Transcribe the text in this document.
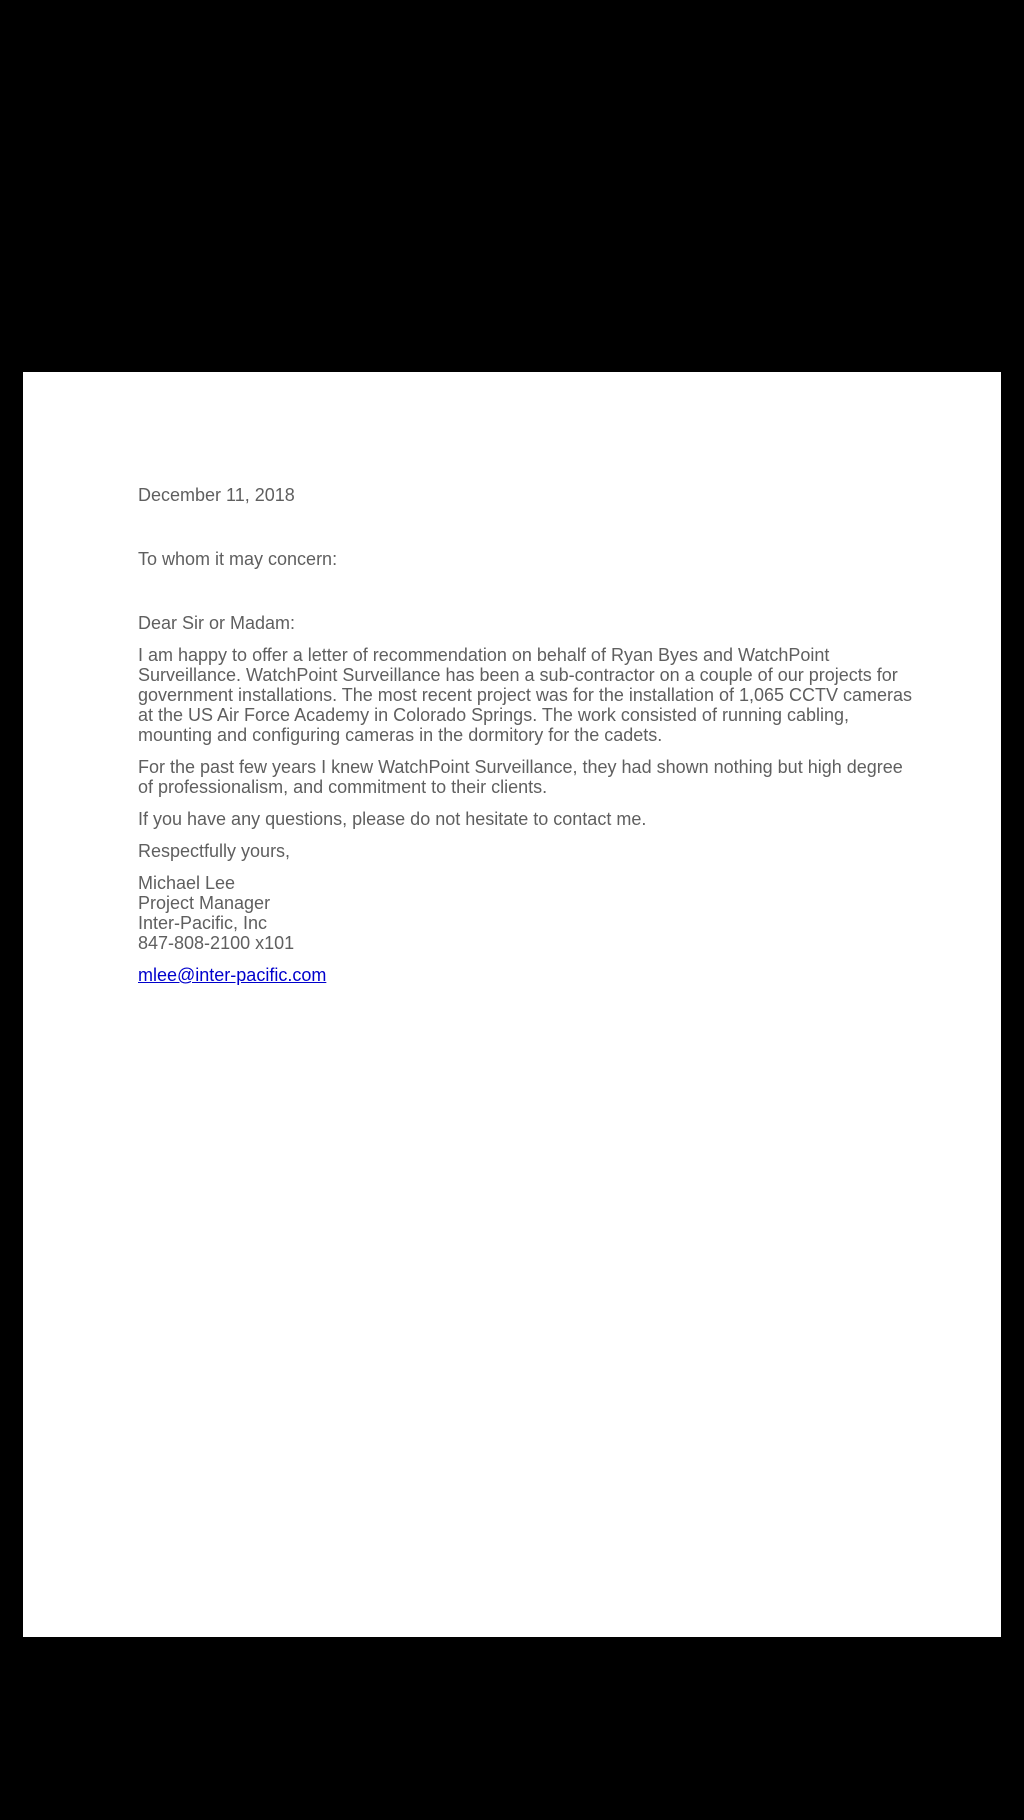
December 11, 2018

To whom it may concern:

Dear Sir or Madam:

I am happy to offer a letter of recommendation on behalf of Ryan Byes and WatchPoint Surveillance. WatchPoint Surveillance has been a sub-contractor on a couple of our projects for government installations. The most recent project was for the installation of 1,065 CCTV cameras at the US Air Force Academy in Colorado Springs. The work consisted of running cabling, mounting and configuring cameras in the dormitory for the cadets.

For the past few years I knew WatchPoint Surveillance, they had shown nothing but high degree of professionalism, and commitment to their clients.

If you have any questions, please do not hesitate to contact me.

Respectfully yours,

Michael Lee
Project Manager
Inter-Pacific, Inc
847-808-2100 x101

mlee@inter-pacific.com
